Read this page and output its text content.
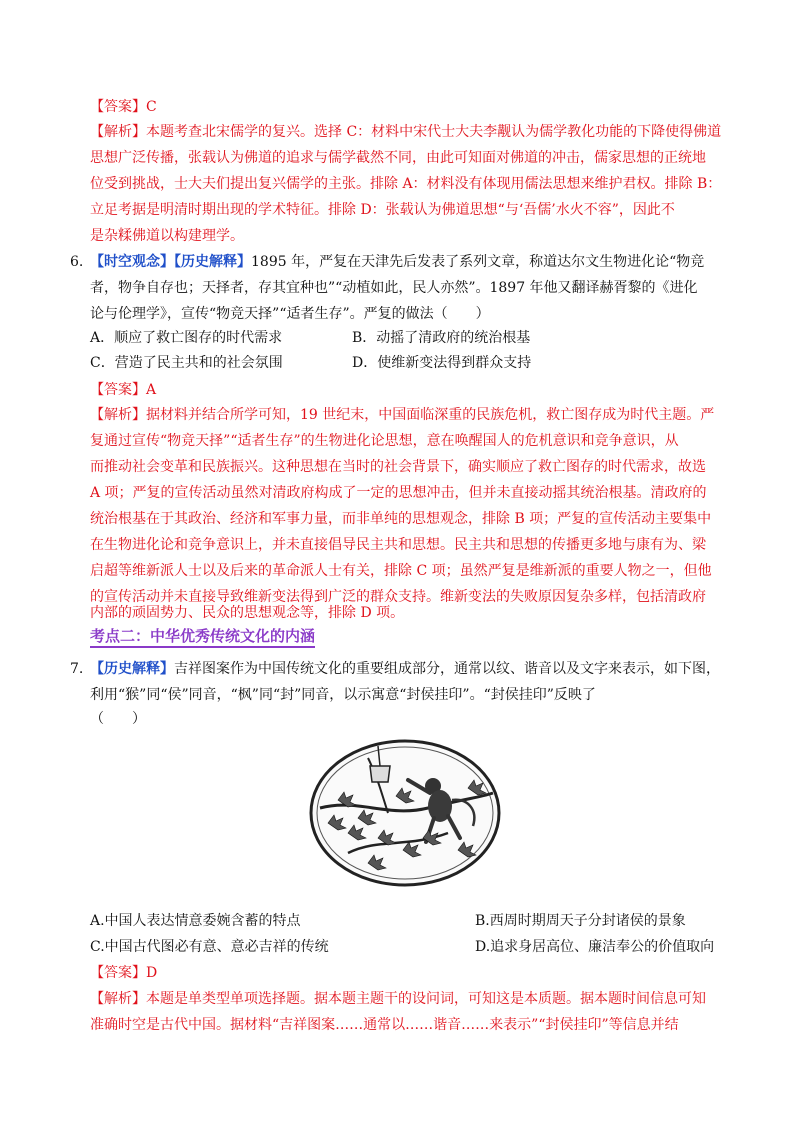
【答案】C
【解析】本题考查北宋儒学的复兴。选择 C：材料中宋代士大夫李觏认为儒学教化功能的下降使得佛道
思想广泛传播，张载认为佛道的追求与儒学截然不同，由此可知面对佛道的冲击，儒家思想的正统地
位受到挑战，士大夫们提出复兴儒学的主张。排除 A：材料没有体现用儒法思想来维护君权。排除 B：
立足考据是明清时期出现的学术特征。排除 D：张载认为佛道思想“与‘吾儒’水火不容”，因此不
是杂糅佛道以构建理学。
6. 【时空观念】【历史解释】1895 年，严复在天津先后发表了系列文章，称道达尔文生物进化论“物竞
者，物争自存也；天择者，存其宜种也”“动植如此，民人亦然”。1897 年他又翻译赫胥黎的《进化
论与伦理学》，宣传“物竞天择”“适者生存”。严复的做法（　　）
A．顺应了救亡图存的时代需求	B．动摇了清政府的统治根基
C．营造了民主共和的社会氛围	D．使维新变法得到群众支持
【答案】A
【解析】据材料并结合所学可知，19 世纪末，中国面临深重的民族危机，救亡图存成为时代主题。严
复通过宣传“物竞天择”“适者生存”的生物进化论思想，意在唤醒国人的危机意识和竞争意识，从
而推动社会变革和民族振兴。这种思想在当时的社会背景下，确实顺应了救亡图存的时代需求，故选
A 项；严复的宣传活动虽然对清政府构成了一定的思想冲击，但并未直接动摇其统治根基。清政府的
统治根基在于其政治、经济和军事力量，而非单纯的思想观念，排除 B 项；严复的宣传活动主要集中
在生物进化论和竞争意识上，并未直接倡导民主共和思想。民主共和思想的传播更多地与康有为、梁
启超等维新派人士以及后来的革命派人士有关，排除 C 项；虽然严复是维新派的重要人物之一，但他
的宣传活动并未直接导致维新变法得到广泛的群众支持。维新变法的失败原因复杂多样，包括清政府
内部的顽固势力、民众的思想观念等，排除 D 项。
考点二：中华优秀传统文化的内涵
7. 【历史解释】吉祥图案作为中国传统文化的重要组成部分，通常以纹、谐音以及文字来表示，如下图，
利用“猴”同“侯”同音，“枫”同“封”同音，以示寓意“封侯挂印”。“封侯挂印”反映了
（　　）
A.中国人表达情意委婉含蓄的特点	B.西周时期周天子分封诸侯的景象
C.中国古代图必有意、意必吉祥的传统	D.追求身居高位、廉洁奉公的价值取向
【答案】D
【解析】本题是单类型单项选择题。据本题主题干的设问词，可知这是本质题。据本题时间信息可知
准确时空是古代中国。据材料“吉祥图案……通常以……谐音……来表示”“封侯挂印”等信息并结
